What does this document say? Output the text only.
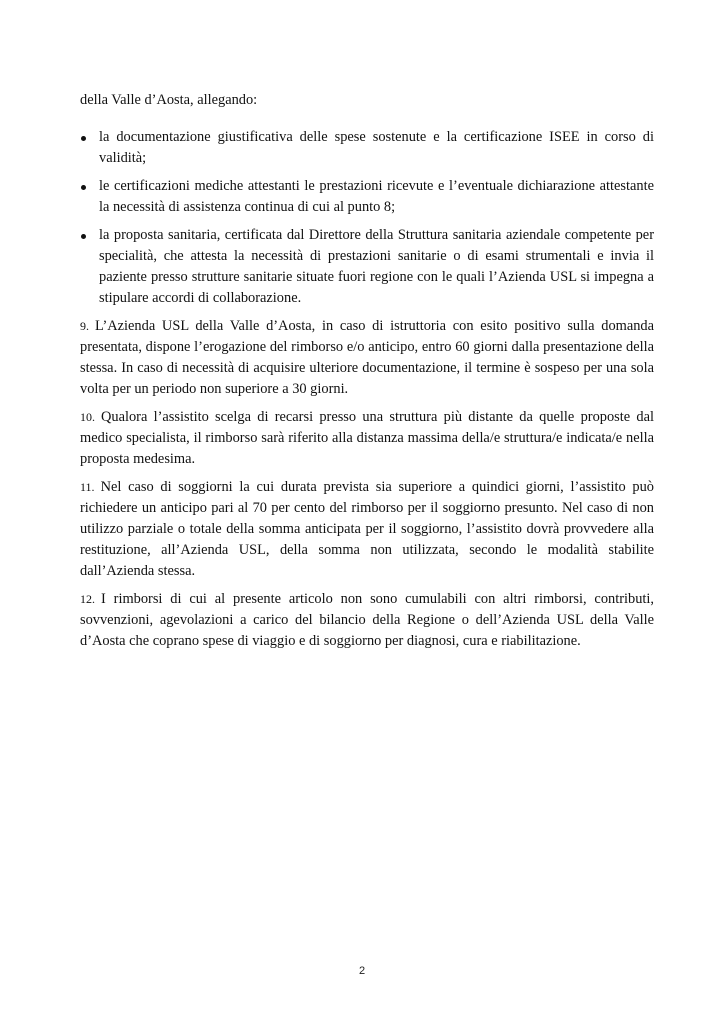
della Valle d’Aosta, allegando:

la documentazione giustificativa delle spese sostenute e la certificazione ISEE in corso di validità;
le certificazioni mediche attestanti le prestazioni ricevute e l’eventuale dichiarazione attestante la necessità di assistenza continua di cui al punto 8;
la proposta sanitaria, certificata dal Direttore della Struttura sanitaria aziendale competente per specialità, che attesta la necessità di prestazioni sanitarie o di esami strumentali e invia il paziente presso strutture sanitarie situate fuori regione con le quali l’Azienda USL si impegna a stipulare accordi di collaborazione.

9. L’Azienda USL della Valle d’Aosta, in caso di istruttoria con esito positivo sulla domanda presentata, dispone l’erogazione del rimborso e/o anticipo, entro 60 giorni dalla presentazione della stessa. In caso di necessità di acquisire ulteriore documentazione, il termine è sospeso per una sola volta per un periodo non superiore a 30 giorni.

10. Qualora l’assistito scelga di recarsi presso una struttura più distante da quelle proposte dal medico specialista, il rimborso sarà riferito alla distanza massima della/e struttura/e indicata/e nella proposta medesima.

11. Nel caso di soggiorni la cui durata prevista sia superiore a quindici giorni, l’assistito può richiedere un anticipo pari al 70 per cento del rimborso per il soggiorno presunto. Nel caso di non utilizzo parziale o totale della somma anticipata per il soggiorno, l’assistito dovrà provvedere alla restituzione, all’Azienda USL, della somma non utilizzata, secondo le modalità stabilite dall’Azienda stessa.

12. I rimborsi di cui al presente articolo non sono cumulabili con altri rimborsi, contributi, sovvenzioni, agevolazioni a carico del bilancio della Regione o dell’Azienda USL della Valle d’Aosta che coprano spese di viaggio e di soggiorno per diagnosi, cura e riabilitazione.

2
